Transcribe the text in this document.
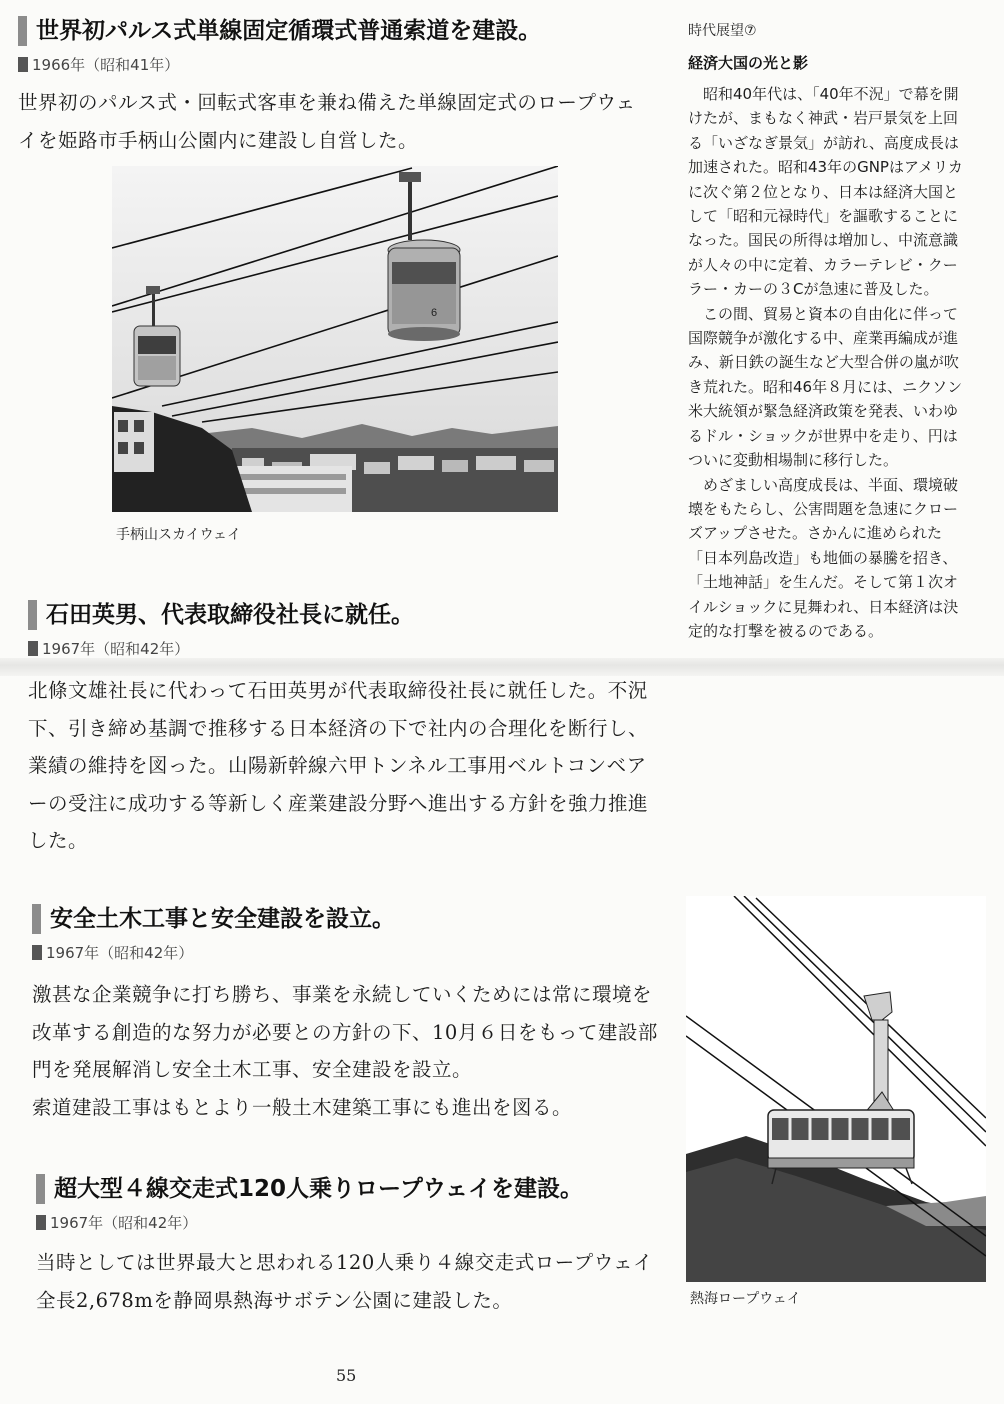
世界初パルス式単線固定循環式普通索道を建設。
1966年（昭和41年）
世界初のパルス式・回転式客車を兼ね備えた単線固定式のロープウェイを姫路市手柄山公園内に建設し自営した。
6
手柄山スカイウェイ
石田英男、代表取締役社長に就任。
1967年（昭和42年）
北條文雄社長に代わって石田英男が代表取締役社長に就任した。不況下、引き締め基調で推移する日本経済の下で社内の合理化を断行し、業績の維持を図った。山陽新幹線六甲トンネル工事用ベルトコンベアーの受注に成功する等新しく産業建設分野へ進出する方針を強力推進した。
安全土木工事と安全建設を設立。
1967年（昭和42年）
激甚な企業競争に打ち勝ち、事業を永続していくためには常に環境を改革する創造的な努力が必要との方針の下、10月６日をもって建設部門を発展解消し安全土木工事、安全建設を設立。
索道建設工事はもとより一般土木建築工事にも進出を図る。
超大型４線交走式120人乗りロープウェイを建設。
1967年（昭和42年）
当時としては世界最大と思われる120人乗り４線交走式ロープウェイ全長2,678mを静岡県熱海サボテン公園に建設した。
時代展望⑦
経済大国の光と影

昭和40年代は、「40年不況」で幕を開けたが、まもなく神武・岩戸景気を上回る「いざなぎ景気」が訪れ、高度成長は加速された。昭和43年のGNPはアメリカに次ぐ第２位となり、日本は経済大国として「昭和元禄時代」を謳歌することになった。国民の所得は増加し、中流意識が人々の中に定着、カラーテレビ・クーラー・カーの３Cが急速に普及した。

この間、貿易と資本の自由化に伴って国際競争が激化する中、産業再編成が進み、新日鉄の誕生など大型合併の嵐が吹き荒れた。昭和46年８月には、ニクソン米大統領が緊急経済政策を発表、いわゆるドル・ショックが世界中を走り、円はついに変動相場制に移行した。

めざましい高度成長は、半面、環境破壊をもたらし、公害問題を急速にクローズアップさせた。さかんに進められた「日本列島改造」も地価の暴騰を招き、「土地神話」を生んだ。そして第１次オイルショックに見舞われ、日本経済は決定的な打撃を被るのである。

熱海ロープウェイ
55
